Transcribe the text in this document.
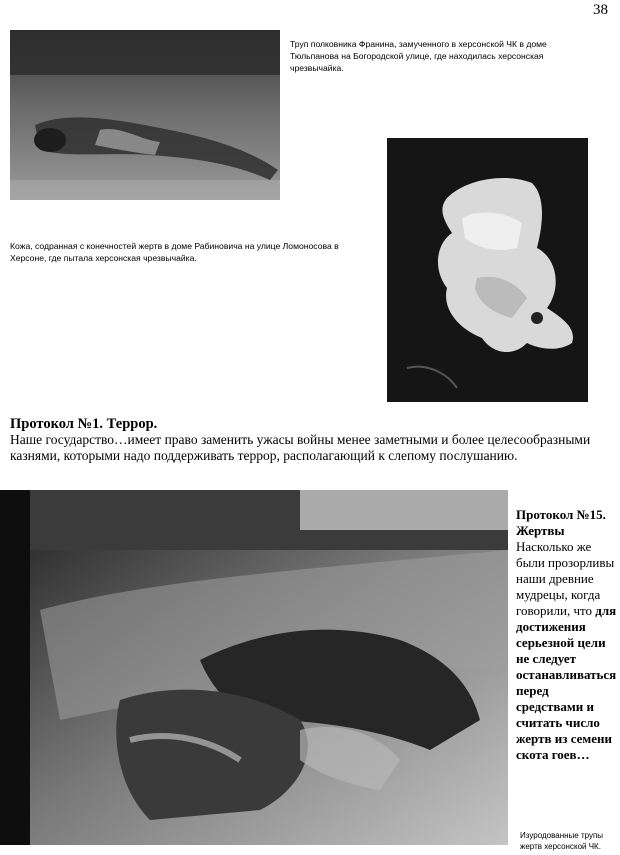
38
Труп полковника Франина, замученного в херсонской ЧК в доме Тюльпанова на Богородской улице, где находилась херсонская чрезвычайка.
Кожа, содранная с конечностей жертв в доме Рабиновича на улице Ломоносова в Херсоне, где пытала херсонская чрезвычайка.
Протокол №1. Террор.
Наше государство…имеет право заменить ужасы войны менее заметными и более целесообразными казнями, которыми надо поддерживать террор, располагающий к слепому послушанию.
Протокол №15.
Жертвы
Насколько же были прозорливы наши древние мудрецы, когда говорили, что для достижения серьезной цели не следует останавливаться перед средствами и считать число жертв из семени скота гоев…
Изуродованные трупы жертв херсонской ЧК.
